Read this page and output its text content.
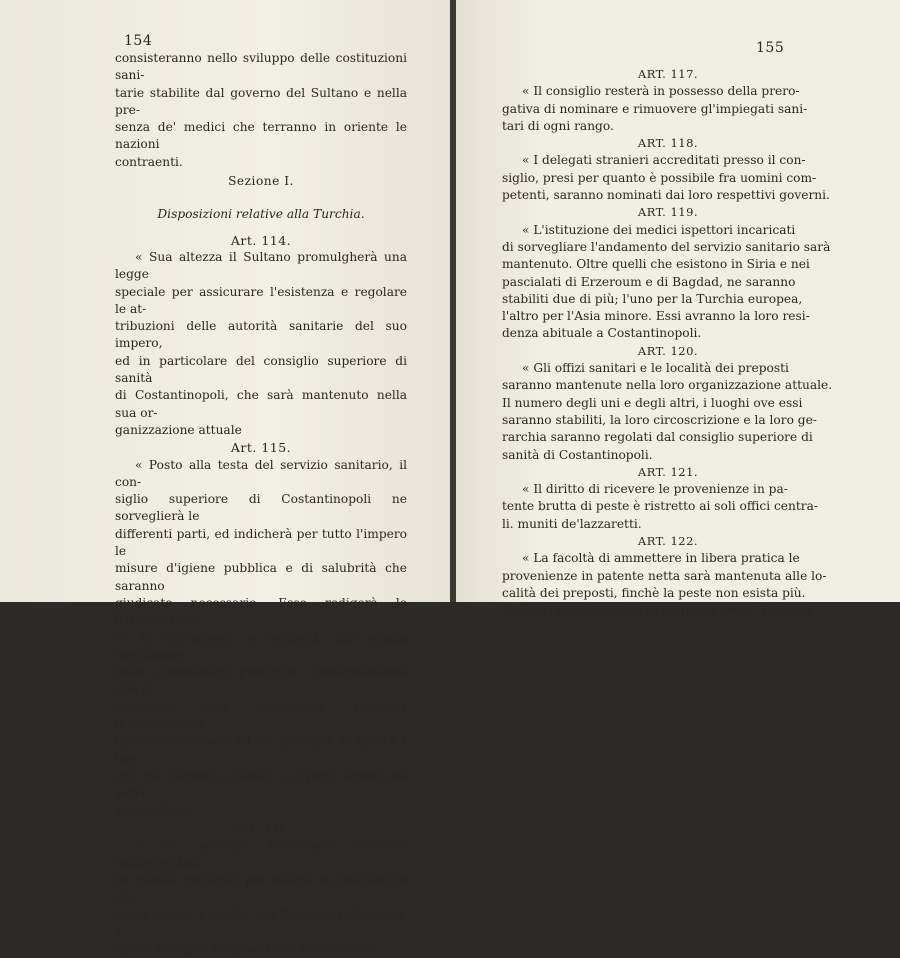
154

consisteranno nello sviluppo delle costituzioni sani-

tarie stabilite dal governo del Sultano e nella pre-

senza de' medici che terranno in oriente le nazioni

contraenti.

Sezione I.

Disposizioni relative alla Turchia.

Art. 114.

« Sua altezza il Sultano promulgherà una legge

speciale per assicurare l'esistenza e regolare le at-

tribuzioni delle autorità sanitarie del suo impero,

ed in particolare del consiglio superiore di sanità

di Costantinopoli, che sarà mantenuto nella sua or-

ganizzazione attuale

Art. 115.

« Posto alla testa del servizio sanitario, il con-

siglio superiore di Costantinopoli ne sorveglierà le

differenti parti, ed indicherà per tutto l'impero le

misure d'igiene pubblica e di salubrità che saranno

giudicate necessarie. Esso redigerà le istruzioni che

vi si riferiscono, e veglierà alla esatta esecuzione

delle disposizioni prescritte conformemente alle in-

dicazioni della conferenza sanitaria internazionale

(processo verbale 29 ed annessi), e fisserà i luo-

ghi ove saranno stabiliti i diversi agenti del servi-

zio sanitario.

ART. 116.

« Le potenze interessate saranno rappresentate

in questo consiglio per mezzo di delegati in nu-

mero eguale a quello dei funzionari ottomani, e

questi delegati avranno voce deliberativa.

155

ART. 117.

« Il consiglio resterà in possesso della prero-

gativa di nominare e rimuovere gl'impiegati sani-

tari di ogni rango.

ART. 118.

« I delegati stranieri accreditati presso il con-

siglio, presi per quanto è possibile fra uomini com-

petenti, saranno nominati dai loro respettivi governi.

ART. 119.

« L'istituzione dei medici ispettori incaricati

di sorvegliare l'andamento del servizio sanitario sarà

mantenuto. Oltre quelli che esistono in Siria e nei

pascialati di Erzeroum e di Bagdad, ne saranno

stabiliti due di più; l'uno per la Turchia europea,

l'altro per l'Asia minore. Essi avranno la loro resi-

denza abituale a Costantinopoli.

ART. 120.

« Gli offizi sanitari e le località dei preposti

saranno mantenute nella loro organizzazione attuale.

Il numero degli uni e degli altri, i luoghi ove essi

saranno stabiliti, la loro circoscrizione e la loro ge-

rarchia saranno regolati dal consiglio superiore di

sanità di Costantinopoli.

ART. 121.

« Il diritto di ricevere le provenienze in pa-

tente brutta di peste è ristretto ai soli offici centra-

li. muniti de'lazzaretti.

ART. 122.

« La facoltà di ammettere in libera pratica le

provenienze in patente netta sarà mantenuta alle lo-

calità dei preposti, finchè la peste non esista più.

Questa facoltà cesserà in tempo di peste. Tuttavia
